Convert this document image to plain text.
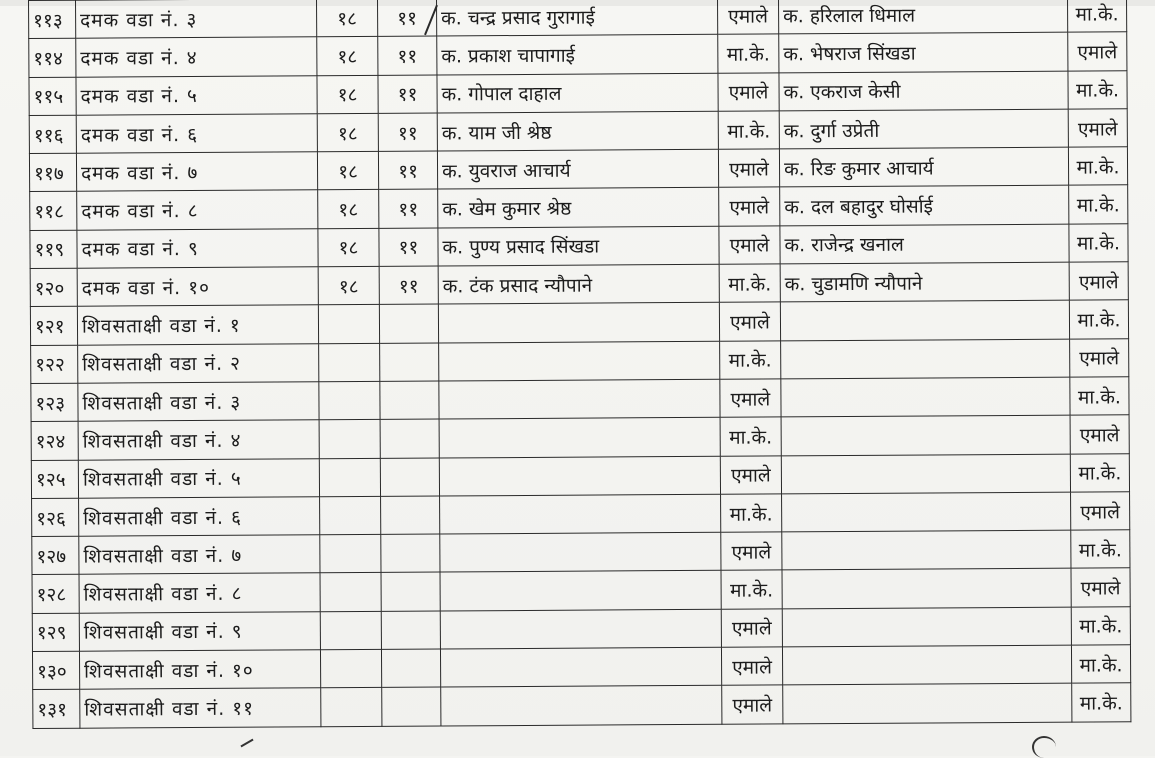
११३	दमक वडा नं. ३	१८	११	क. चन्द्र प्रसाद गुरागाई	एमाले	क. हरिलाल धिमाल	मा.के.
११४	दमक वडा नं. ४	१८	११	क. प्रकाश चापागाई	मा.के.	क. भेषराज सिंखडा	एमाले
११५	दमक वडा नं. ५	१८	११	क. गोपाल दाहाल	एमाले	क. एकराज केसी	मा.के.
११६	दमक वडा नं. ६	१८	११	क. याम जी श्रेष्ठ	मा.के.	क. दुर्गा उप्रेती	एमाले
११७	दमक वडा नं. ७	१८	११	क. युवराज आचार्य	एमाले	क. रिङ कुमार आचार्य	मा.के.
११८	दमक वडा नं. ८	१८	११	क. खेम कुमार श्रेष्ठ	एमाले	क. दल बहादुर घोर्साई	मा.के.
११९	दमक वडा नं. ९	१८	११	क. पुण्य प्रसाद सिंखडा	एमाले	क. राजेन्द्र खनाल	मा.के.
१२०	दमक वडा नं. १०	१८	११	क. टंक प्रसाद न्यौपाने	मा.के.	क. चुडामणि न्यौपाने	एमाले
१२१	शिवसताक्षी वडा नं. १				एमाले		मा.के.
१२२	शिवसताक्षी वडा नं. २				मा.के.		एमाले
१२३	शिवसताक्षी वडा नं. ३				एमाले		मा.के.
१२४	शिवसताक्षी वडा नं. ४				मा.के.		एमाले
१२५	शिवसताक्षी वडा नं. ५				एमाले		मा.के.
१२६	शिवसताक्षी वडा नं. ६				मा.के.		एमाले
१२७	शिवसताक्षी वडा नं. ७				एमाले		मा.के.
१२८	शिवसताक्षी वडा नं. ८				मा.के.		एमाले
१२९	शिवसताक्षी वडा नं. ९				एमाले		मा.के.
१३०	शिवसताक्षी वडा नं. १०				एमाले		मा.के.
१३१	शिवसताक्षी वडा नं. ११				एमाले		मा.के.
